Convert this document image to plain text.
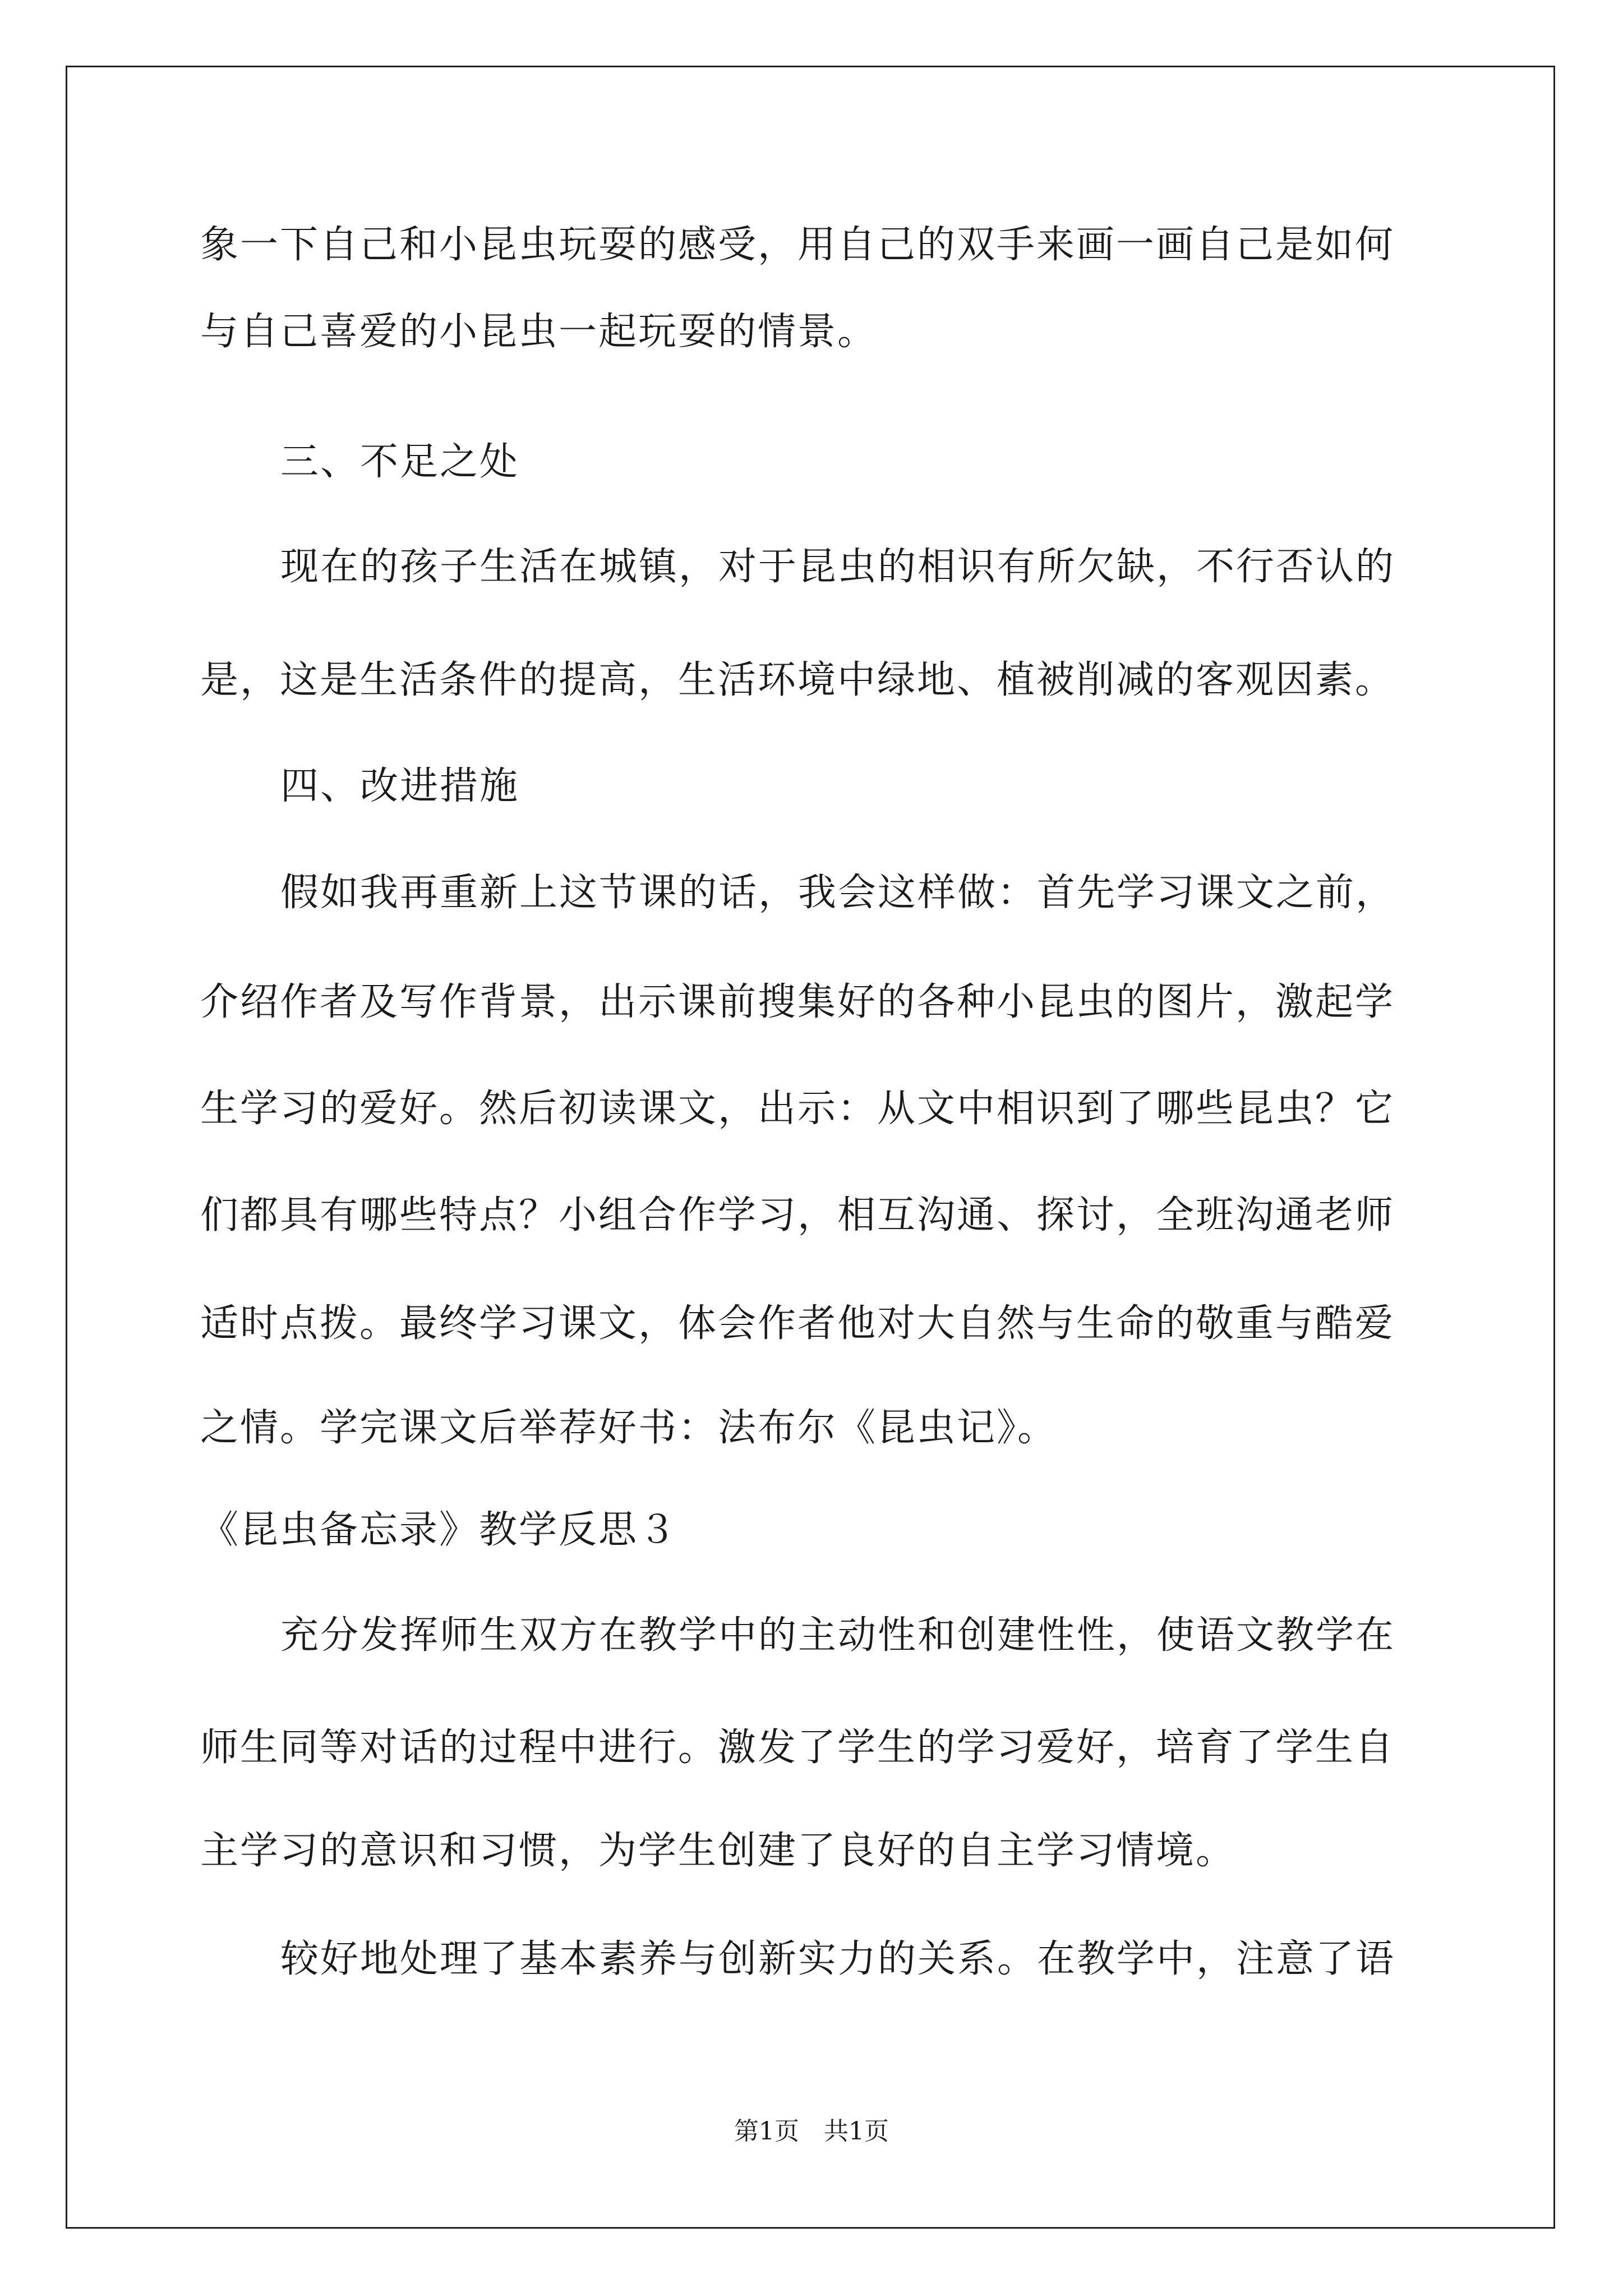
象一下自己和小昆虫玩耍的感受，用自己的双手来画一画自己是如何
与自己喜爱的小昆虫一起玩耍的情景。
三、不足之处
现在的孩子生活在城镇，对于昆虫的相识有所欠缺，不行否认的
是，这是生活条件的提高，生活环境中绿地、植被削减的客观因素。
四、改进措施
假如我再重新上这节课的话，我会这样做：首先学习课文之前，
介绍作者及写作背景，出示课前搜集好的各种小昆虫的图片，激起学
生学习的爱好。然后初读课文，出示：从文中相识到了哪些昆虫？它
们都具有哪些特点？小组合作学习，相互沟通、探讨，全班沟通老师
适时点拨。最终学习课文，体会作者他对大自然与生命的敬重与酷爱
之情。学完课文后举荐好书：法布尔《昆虫记》。
《昆虫备忘录》教学反思３
充分发挥师生双方在教学中的主动性和创建性性，使语文教学在
师生同等对话的过程中进行。激发了学生的学习爱好，培育了学生自
主学习的意识和习惯，为学生创建了良好的自主学习情境。
较好地处理了基本素养与创新实力的关系。在教学中，注意了语
第1页　共1页
